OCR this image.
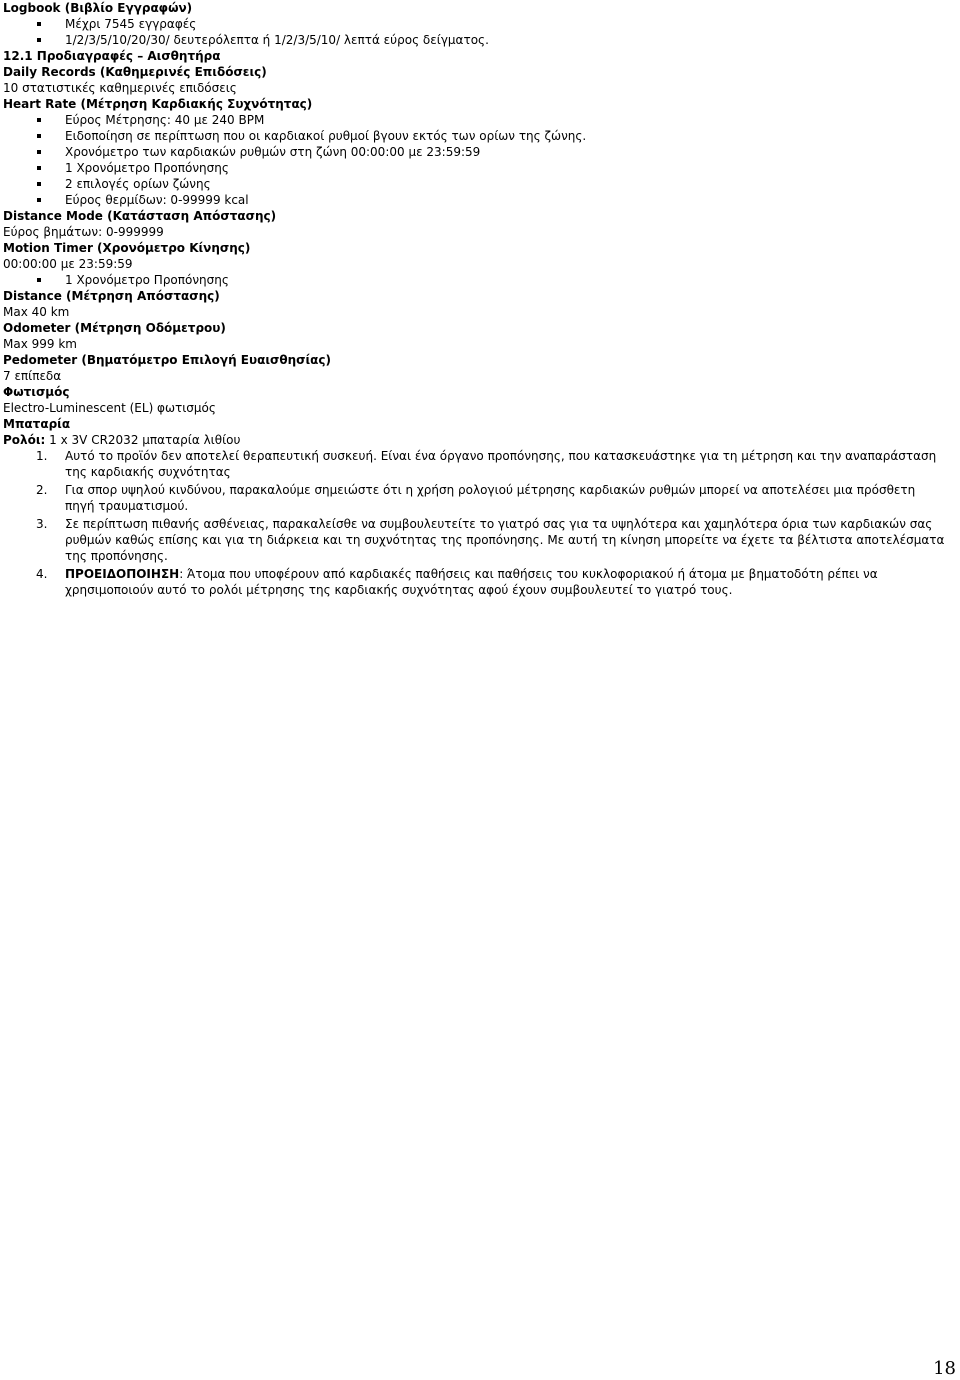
Logbook (Βιβλίο Εγγραφών)
Μέχρι 7545 εγγραφές
1/2/3/5/10/20/30/ δευτερόλεπτα ή 1/2/3/5/10/ λεπτά εύρος δείγματος.
12.1 Προδιαγραφές – Αισθητήρα
Daily Records (Καθημερινές Επιδόσεις)
10 στατιστικές καθημερινές επιδόσεις
Heart Rate (Μέτρηση Καρδιακής Συχνότητας)
Εύρος Μέτρησης: 40 με 240 BPM
Ειδοποίηση σε περίπτωση που οι καρδιακοί ρυθμοί βγουν εκτός των ορίων της ζώνης.
Χρονόμετρο των καρδιακών ρυθμών στη ζώνη 00:00:00 με 23:59:59
1 Χρονόμετρο Προπόνησης
2 επιλογές ορίων ζώνης
Εύρος θερμίδων: 0-99999 kcal
Distance Mode (Κατάσταση Απόστασης)
Εύρος βημάτων: 0-999999
Motion Timer (Χρονόμετρο Κίνησης)
00:00:00 με 23:59:59
1 Χρονόμετρο Προπόνησης
Distance (Μέτρηση Απόστασης)
Max 40 km
Odometer (Μέτρηση Οδόμετρου)
Max 999 km
Pedometer (Βηματόμετρο Επιλογή Ευαισθησίας)
7 επίπεδα
Φωτισμός
Electro-Luminescent (EL) φωτισμός
Μπαταρία
Ρολόι: 1 x 3V CR2032 μπαταρία λιθίου
1. Αυτό το προϊόν δεν αποτελεί θεραπευτική συσκευή. Είναι ένα όργανο προπόνησης, που κατασκευάστηκε για τη μέτρηση και την αναπαράσταση της καρδιακής συχνότητας
2. Για σπορ υψηλού κινδύνου, παρακαλούμε σημειώστε ότι η χρήση ρολογιού μέτρησης καρδιακών ρυθμών μπορεί να αποτελέσει μια πρόσθετη πηγή τραυματισμού.
3. Σε περίπτωση πιθανής ασθένειας, παρακαλείσθε να συμβουλευτείτε το γιατρό σας για τα υψηλότερα και χαμηλότερα όρια των καρδιακών σας ρυθμών καθώς επίσης και για τη διάρκεια και τη συχνότητας της προπόνησης. Με αυτή τη κίνηση μπορείτε να έχετε τα βέλτιστα αποτελέσματα της προπόνησης.
4. ΠΡΟΕΙΔΟΠΟΙΗΣΗ: Άτομα που υποφέρουν από καρδιακές παθήσεις και παθήσεις του κυκλοφοριακού ή άτομα με βηματοδότη ρέπει να χρησιμοποιούν αυτό το ρολόι μέτρησης της καρδιακής συχνότητας αφού έχουν συμβουλευτεί το γιατρό τους.
18
